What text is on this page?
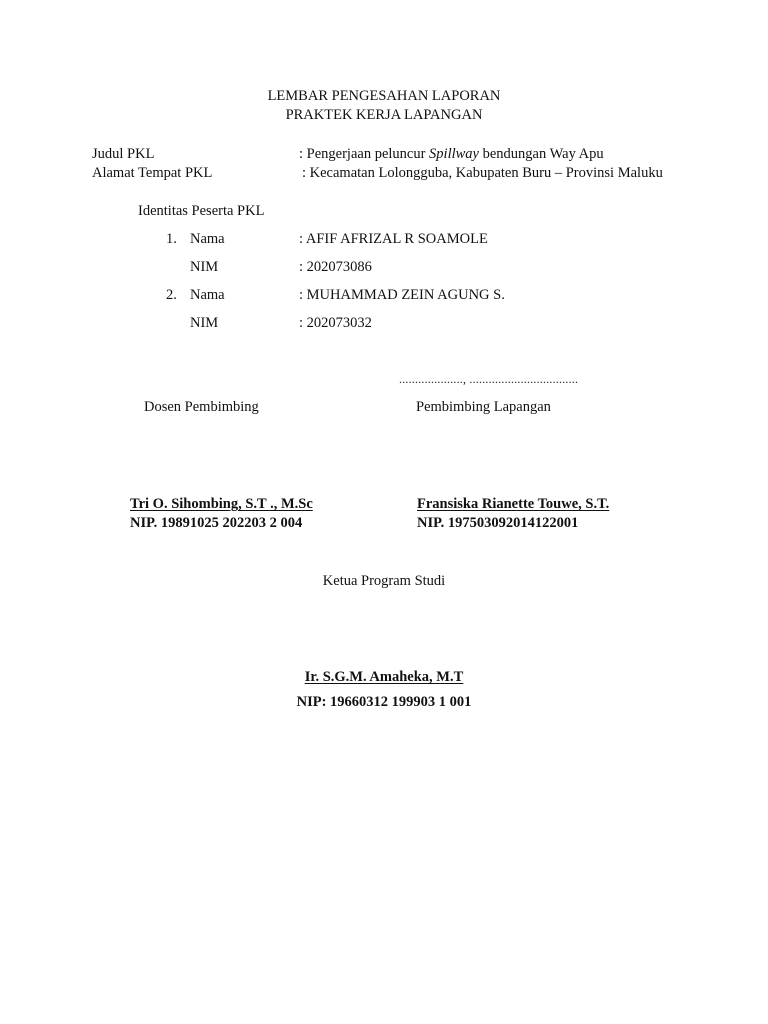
LEMBAR PENGESAHAN LAPORAN
PRAKTEK KERJA LAPANGAN
Judul PKL	: Pengerjaan peluncur Spillway bendungan Way Apu
Alamat Tempat PKL	: Kecamatan Lolongguba, Kabupaten Buru – Provinsi Maluku
Identitas Peserta PKL
1. Nama	: AFIF AFRIZAL R SOAMOLE
NIM	: 202073086
2. Nama	: MUHAMMAD ZEIN AGUNG S.
NIM	: 202073032
...................., ..................................
Dosen Pembimbing	Pembimbing Lapangan
Tri O. Sihombing, S.T ., M.Sc
NIP. 19891025 202203 2 004
Fransiska Rianette Touwe, S.T.
NIP. 197503092014122001
Ketua Program Studi
Ir. S.G.M. Amaheka, M.T
NIP: 19660312 199903 1 001
